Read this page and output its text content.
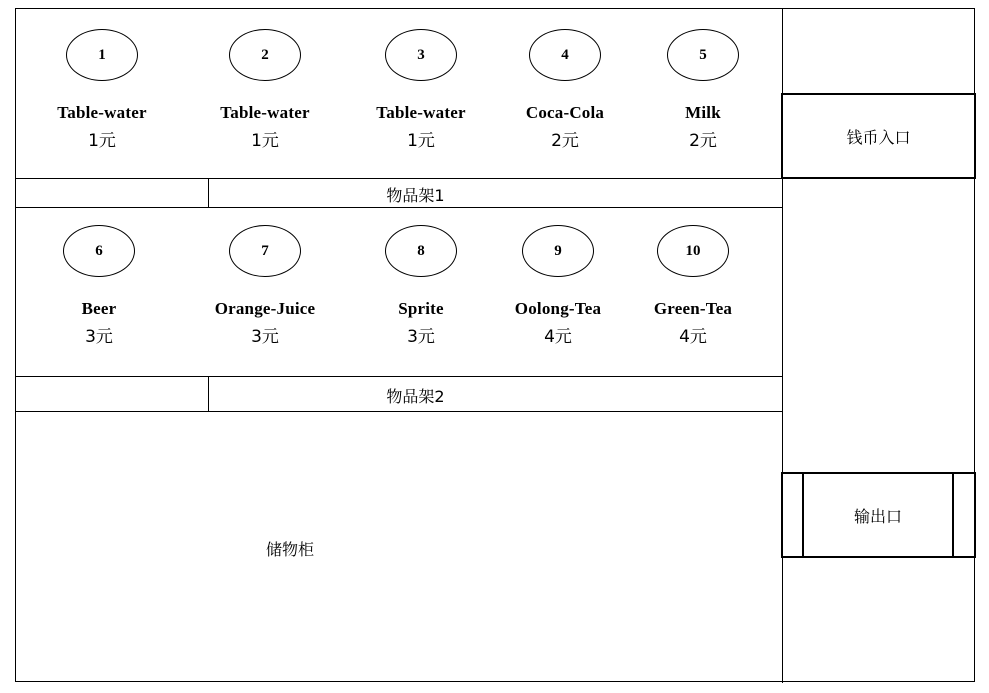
1
Table-water
1元
2
Table-water
1元
3
Table-water
1元
4
Coca-Cola
2元
5
Milk
2元
物品架1
6
Beer
3元
7
Orange-Juice
3元
8
Sprite
3元
9
Oolong-Tea
4元
10
Green-Tea
4元
物品架2
储物柜
钱币入口
输出口
